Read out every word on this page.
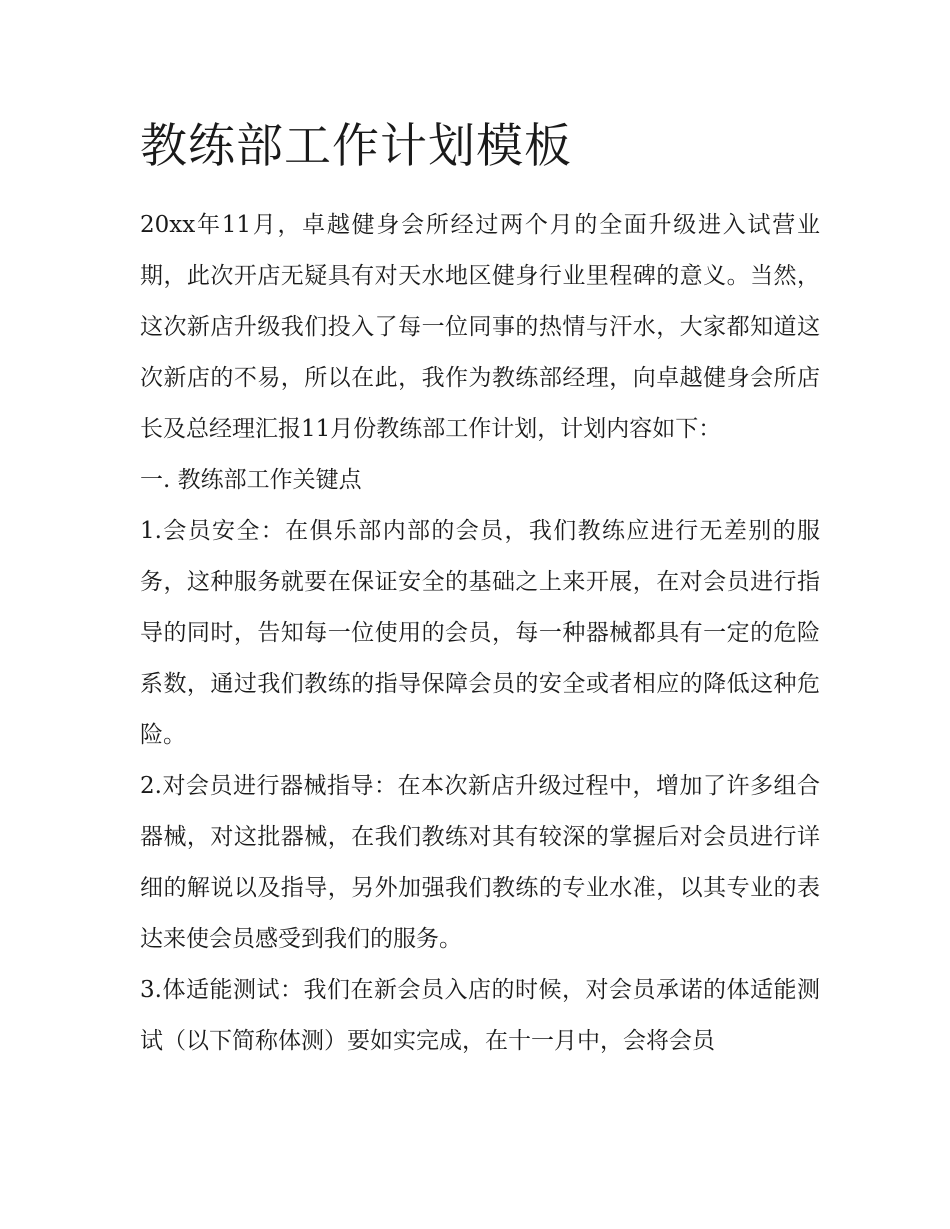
教练部工作计划模板

20xx年11月，卓越健身会所经过两个月的全面升级进入试营业期，此次开店无疑具有对天水地区健身行业里程碑的意义。当然，这次新店升级我们投入了每一位同事的热情与汗水，大家都知道这次新店的不易，所以在此，我作为教练部经理，向卓越健身会所店长及总经理汇报11月份教练部工作计划，计划内容如下：

一. 教练部工作关键点

1.会员安全：在俱乐部内部的会员，我们教练应进行无差别的服务，这种服务就要在保证安全的基础之上来开展，在对会员进行指导的同时，告知每一位使用的会员，每一种器械都具有一定的危险系数，通过我们教练的指导保障会员的安全或者相应的降低这种危险。

2.对会员进行器械指导：在本次新店升级过程中，增加了许多组合器械，对这批器械，在我们教练对其有较深的掌握后对会员进行详细的解说以及指导，另外加强我们教练的专业水准，以其专业的表达来使会员感受到我们的服务。

3.体适能测试：我们在新会员入店的时候，对会员承诺的体适能测试（以下简称体测）要如实完成，在十一月中，会将会员
